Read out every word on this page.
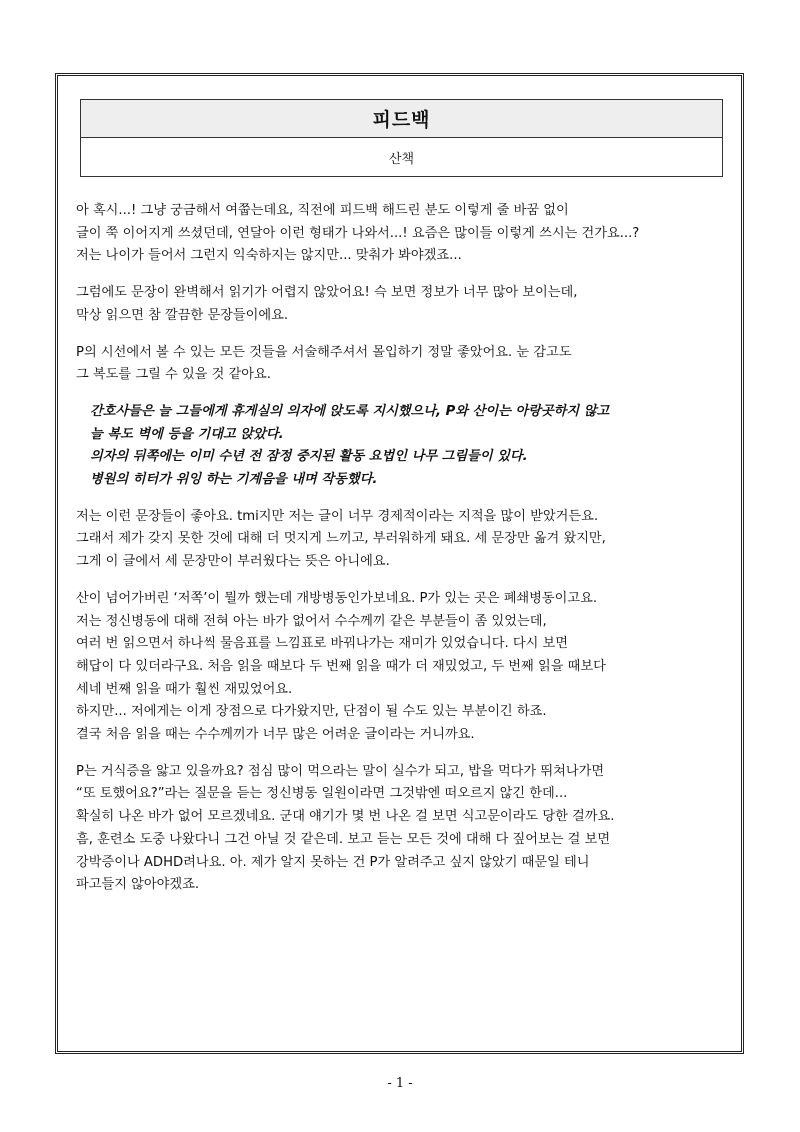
피드백
산책
아 혹시...! 그냥 궁금해서 여쭙는데요, 직전에 피드백 해드린 분도 이렇게 줄 바꿈 없이
글이 쭉 이어지게 쓰셨던데, 연달아 이런 형태가 나와서...! 요즘은 많이들 이렇게 쓰시는 건가요...?
저는 나이가 들어서 그런지 익숙하지는 않지만... 맞춰가 봐야겠죠...
그럼에도 문장이 완벽해서 읽기가 어렵지 않았어요! 슥 보면 정보가 너무 많아 보이는데,
막상 읽으면 참 깔끔한 문장들이에요.
P의 시선에서 볼 수 있는 모든 것들을 서술해주셔서 몰입하기 정말 좋았어요. 눈 감고도
그 복도를 그릴 수 있을 것 같아요.
간호사들은 늘 그들에게 휴게실의 의자에 앉도록 지시했으나, P와 산이는 아랑곳하지 않고
늘 복도 벽에 등을 기대고 앉았다.
의자의 뒤쪽에는 이미 수년 전 잠정 중지된 활동 요법인 나무 그림들이 있다.
병원의 히터가 위잉 하는 기계음을 내며 작동했다.
저는 이런 문장들이 좋아요. tmi지만 저는 글이 너무 경제적이라는 지적을 많이 받았거든요.
그래서 제가 갖지 못한 것에 대해 더 멋지게 느끼고, 부러워하게 돼요. 세 문장만 옮겨 왔지만,
그게 이 글에서 세 문장만이 부러웠다는 뜻은 아니에요.
산이 넘어가버린 ‘저쪽’이 뭘까 했는데 개방병동인가보네요. P가 있는 곳은 폐쇄병동이고요.
저는 정신병동에 대해 전혀 아는 바가 없어서 수수께끼 같은 부분들이 좀 있었는데,
여러 번 읽으면서 하나씩 물음표를 느낌표로 바꿔나가는 재미가 있었습니다. 다시 보면
해답이 다 있더라구요. 처음 읽을 때보다 두 번째 읽을 때가 더 재밌었고, 두 번째 읽을 때보다
세네 번째 읽을 때가 훨씬 재밌었어요.
하지만... 저에게는 이게 장점으로 다가왔지만, 단점이 될 수도 있는 부분이긴 하죠.
결국 처음 읽을 때는 수수께끼가 너무 많은 어려운 글이라는 거니까요.
P는 거식증을 앓고 있을까요? 점심 많이 먹으라는 말이 실수가 되고, 밥을 먹다가 뛰쳐나가면
“또 토했어요?”라는 질문을 듣는 정신병동 일원이라면 그것밖엔 떠오르지 않긴 한데...
확실히 나온 바가 없어 모르겠네요. 군대 얘기가 몇 번 나온 걸 보면 식고문이라도 당한 걸까요.
흠, 훈련소 도중 나왔다니 그건 아닐 것 같은데. 보고 듣는 모든 것에 대해 다 짚어보는 걸 보면
강박증이나 ADHD려나요. 아. 제가 알지 못하는 건 P가 알려주고 싶지 않았기 때문일 테니
파고들지 않아야겠죠.
- 1 -
